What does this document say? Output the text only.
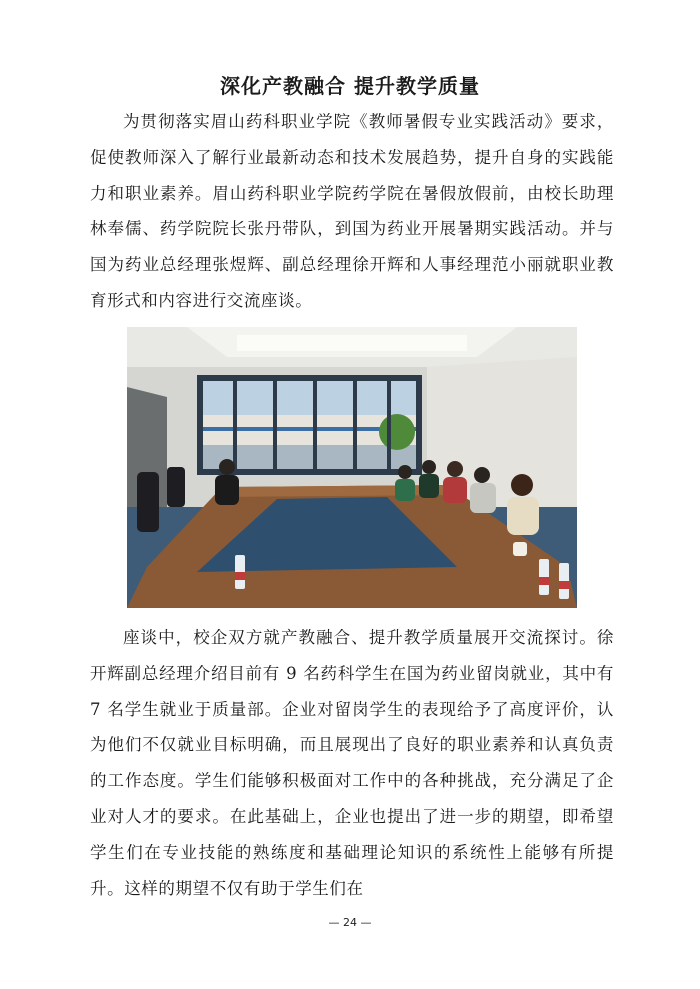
深化产教融合 提升教学质量
为贯彻落实眉山药科职业学院《教师暑假专业实践活动》要求，促使教师深入了解行业最新动态和技术发展趋势，提升自身的实践能力和职业素养。眉山药科职业学院药学院在暑假放假前，由校长助理林奉儒、药学院院长张丹带队，到国为药业开展暑期实践活动。并与国为药业总经理张煜辉、副总经理徐开辉和人事经理范小丽就职业教育形式和内容进行交流座谈。
座谈中，校企双方就产教融合、提升教学质量展开交流探讨。徐开辉副总经理介绍目前有 9 名药科学生在国为药业留岗就业，其中有 7 名学生就业于质量部。企业对留岗学生的表现给予了高度评价，认为他们不仅就业目标明确，而且展现出了良好的职业素养和认真负责的工作态度。学生们能够积极面对工作中的各种挑战，充分满足了企业对人才的要求。在此基础上，企业也提出了进一步的期望，即希望学生们在专业技能的熟练度和基础理论知识的系统性上能够有所提升。这样的期望不仅有助于学生们在
— 24 —
